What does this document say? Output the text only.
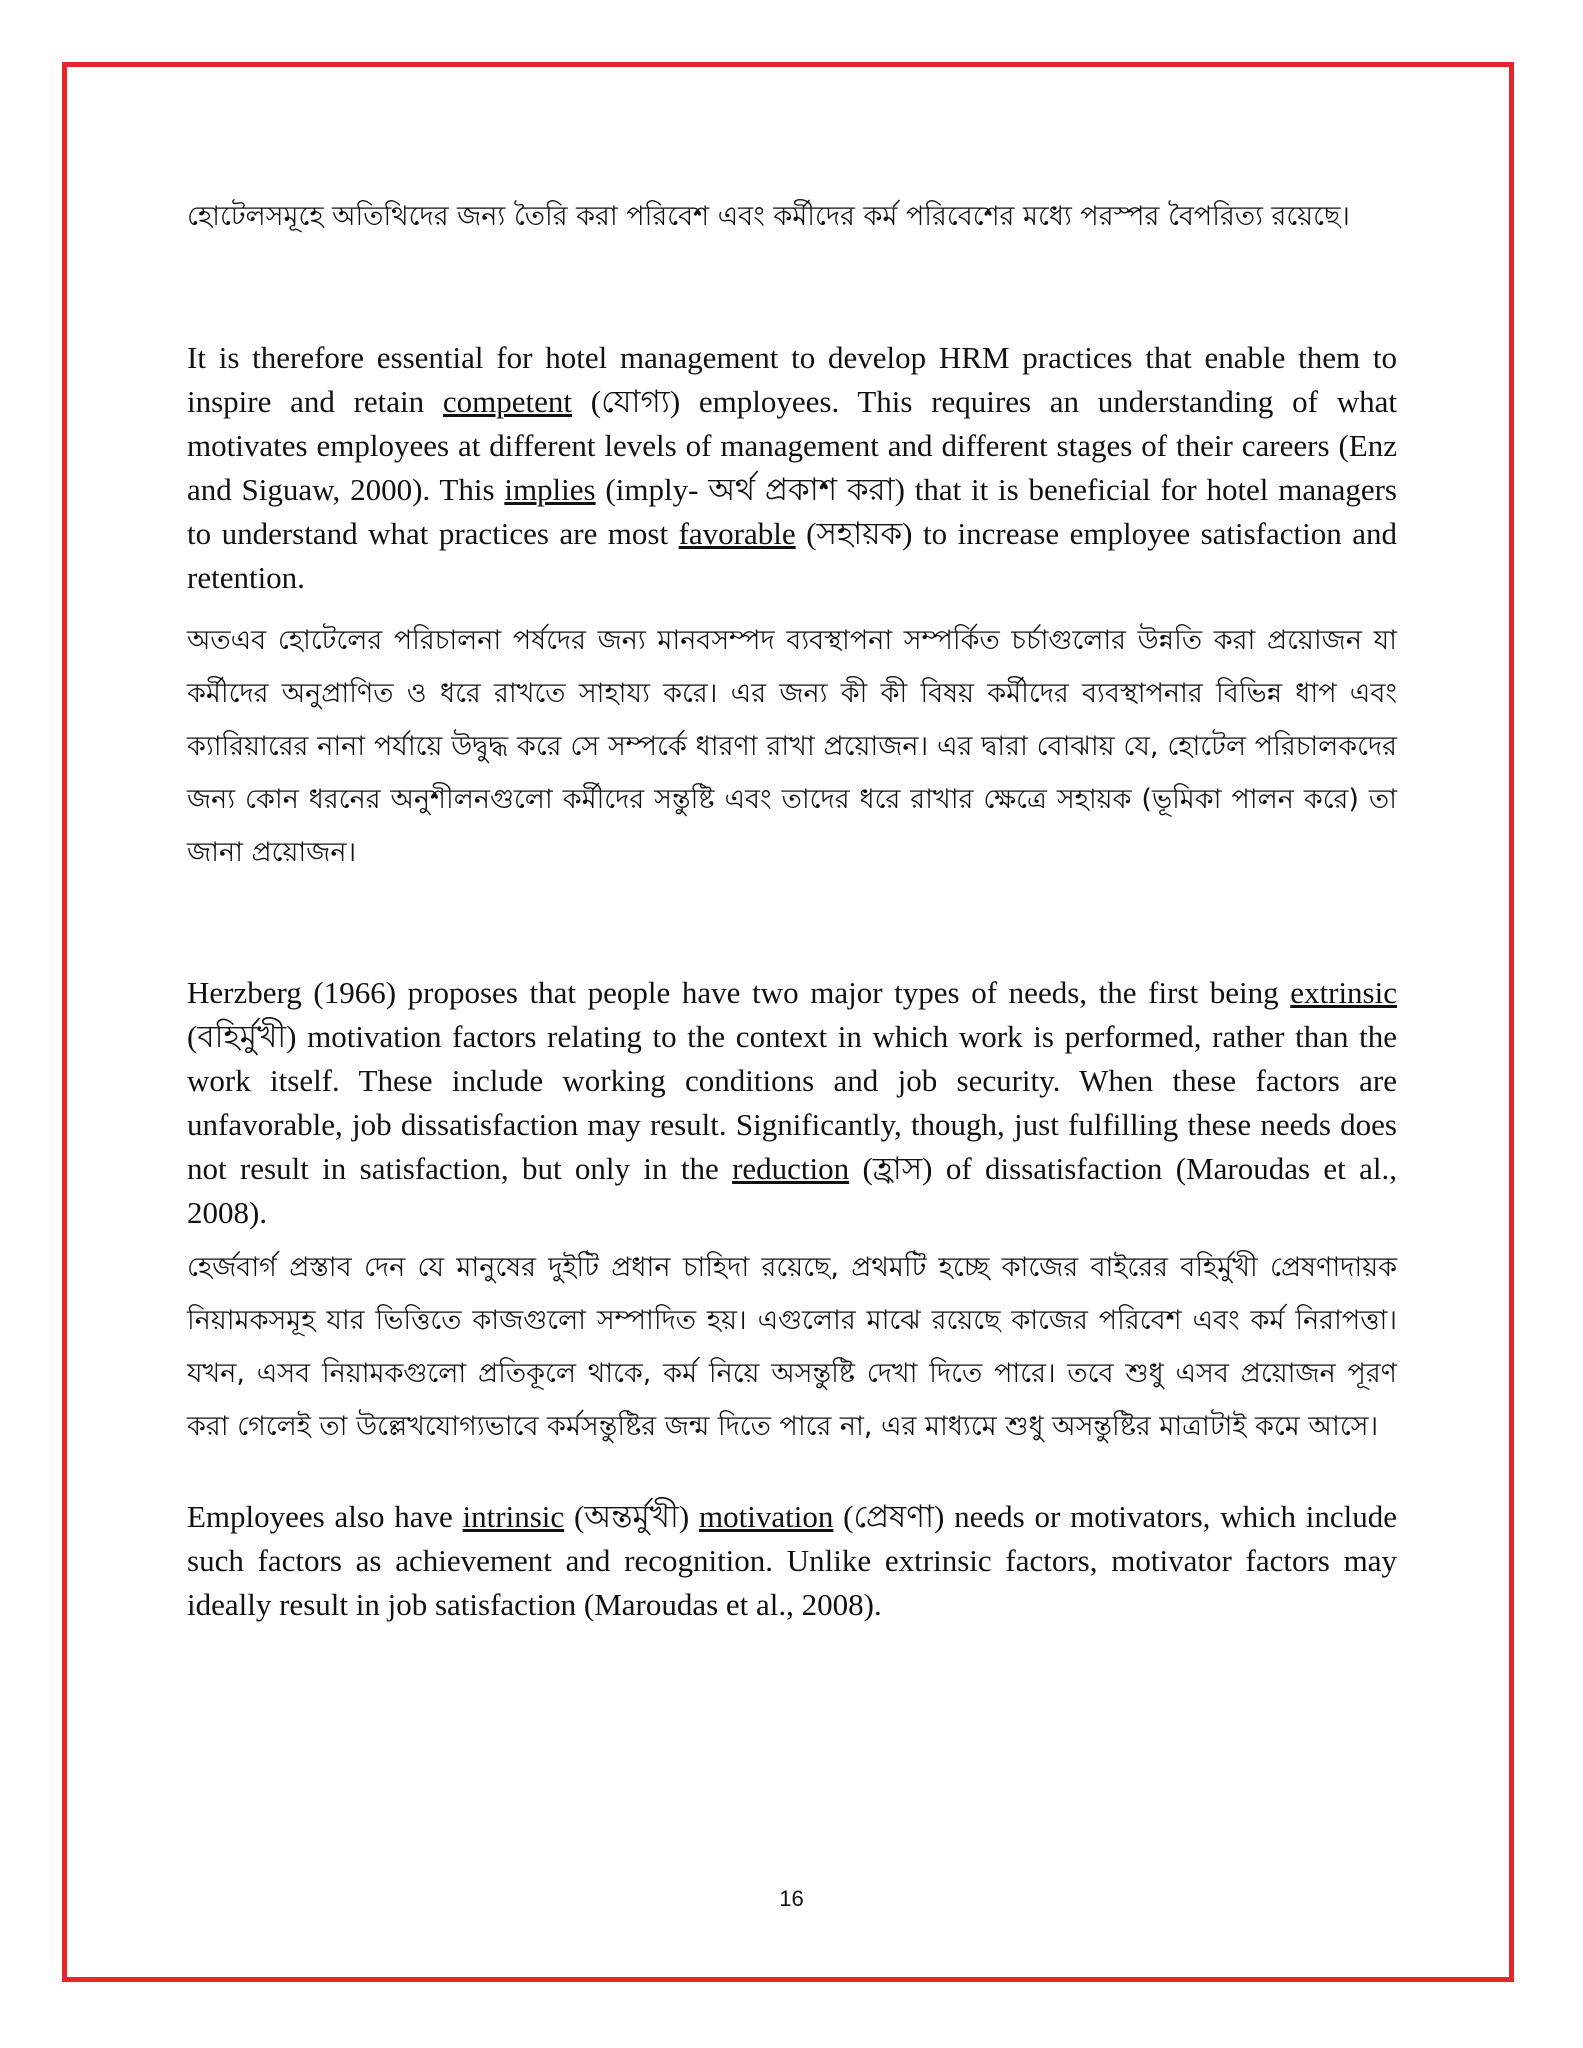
হোটেলসমূহে অতিথিদের জন্য তৈরি করা পরিবেশ এবং কর্মীদের কর্ম পরিবেশের মধ্যে পরস্পর বৈপরিত্য রয়েছে।

It is therefore essential for hotel management to develop HRM practices that enable them to inspire and retain competent (যোগ্য) employees. This requires an understanding of what motivates employees at different levels of management and different stages of their careers (Enz and Siguaw, 2000). This implies (imply- অর্থ প্রকাশ করা) that it is beneficial for hotel managers to understand what practices are most favorable (সহায়ক) to increase employee satisfaction and retention.

অতএব হোটেলের পরিচালনা পর্ষদের জন্য মানবসম্পদ ব্যবস্থাপনা সম্পর্কিত চর্চাগুলোর উন্নতি করা প্রয়োজন যা কর্মীদের অনুপ্রাণিত ও ধরে রাখতে সাহায্য করে। এর জন্য কী কী বিষয় কর্মীদের ব্যবস্থাপনার বিভিন্ন ধাপ এবং ক্যারিয়ারের নানা পর্যায়ে উদ্বুদ্ধ করে সে সম্পর্কে ধারণা রাখা প্রয়োজন। এর দ্বারা বোঝায় যে, হোটেল পরিচালকদের জন্য কোন ধরনের অনুশীলনগুলো কর্মীদের সন্তুষ্টি এবং তাদের ধরে রাখার ক্ষেত্রে সহায়ক (ভূমিকা পালন করে) তা জানা প্রয়োজন।

Herzberg (1966) proposes that people have two major types of needs, the first being extrinsic (বহির্মুখী) motivation factors relating to the context in which work is performed, rather than the work itself. These include working conditions and job security. When these factors are unfavorable, job dissatisfaction may result. Significantly, though, just fulfilling these needs does not result in satisfaction, but only in the reduction (হ্রাস) of dissatisfaction (Maroudas et al., 2008).

হের্জবার্গ প্রস্তাব দেন যে মানুষের দুইটি প্রধান চাহিদা রয়েছে, প্রথমটি হচ্ছে কাজের বাইরের বহির্মুখী প্রেষণাদায়ক নিয়ামকসমূহ যার ভিত্তিতে কাজগুলো সম্পাদিত হয়। এগুলোর মাঝে রয়েছে কাজের পরিবেশ এবং কর্ম নিরাপত্তা। যখন, এসব নিয়ামকগুলো প্রতিকূলে থাকে, কর্ম নিয়ে অসন্তুষ্টি দেখা দিতে পারে। তবে শুধু এসব প্রয়োজন পূরণ করা গেলেই তা উল্লেখযোগ্যভাবে কর্মসন্তুষ্টির জন্ম দিতে পারে না, এর মাধ্যমে শুধু অসন্তুষ্টির মাত্রাটাই কমে আসে।

Employees also have intrinsic (অন্তর্মুখী) motivation (প্রেষণা) needs or motivators, which include such factors as achievement and recognition. Unlike extrinsic factors, motivator factors may ideally result in job satisfaction (Maroudas et al., 2008).

16
